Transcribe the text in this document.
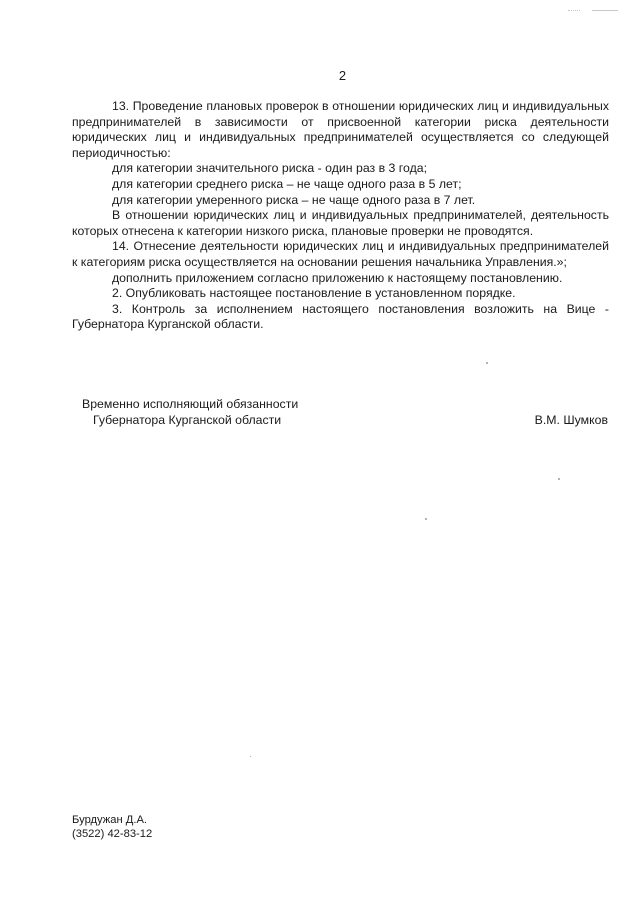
2

13. Проведение плановых проверок в отношении юридических лиц и индивидуальных предпринимателей в зависимости от присвоенной категории риска деятельности юридических лиц и индивидуальных предпринимателей осуществляется со следующей периодичностью:

для категории значительного риска - один раз в 3 года;

для категории среднего риска – не чаще одного раза в 5 лет;

для категории умеренного риска – не чаще одного раза в 7 лет.

В отношении юридических лиц и индивидуальных предпринимателей, деятельность которых отнесена к категории низкого риска, плановые проверки не проводятся.

14. Отнесение деятельности юридических лиц и индивидуальных предпринимателей к категориям риска осуществляется на основании решения начальника Управления.»;

дополнить приложением согласно приложению к настоящему постановлению.

2. Опубликовать настоящее постановление в установленном порядке.

3. Контроль за исполнением настоящего постановления возложить на Вице - Губернатора Курганской области.

Временно исполняющий обязанности
Губернатора Курганской области	В.М. Шумков
Бурдужан Д.А.
(3522) 42-83-12
